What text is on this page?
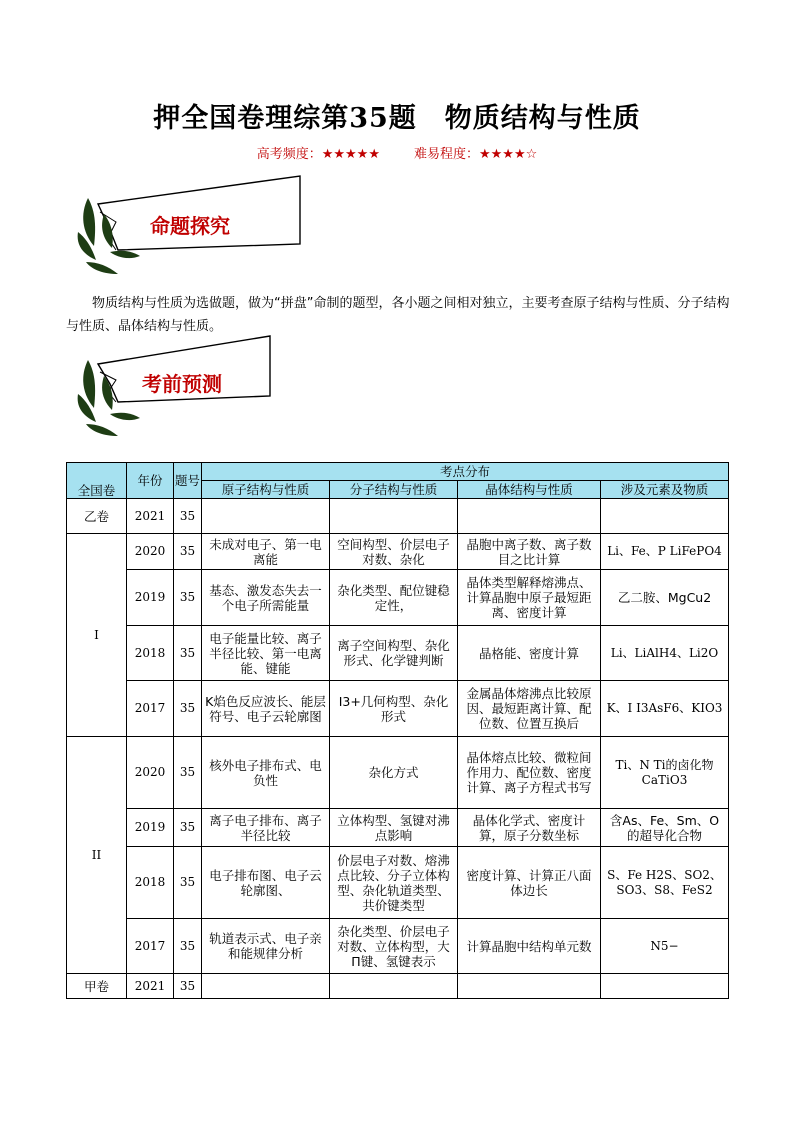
押全国卷理综第35题　物质结构与性质
高考频度：★★★★★	难易程度：★★★★☆
命题探究
物质结构与性质为选做题，做为“拼盘”命制的题型，各小题之间相对独立，主要考查原子结构与性质、分子结构与性质、晶体结构与性质。
考前预测
全国卷	年份	题号	考点分布			
			原子结构与性质	分子结构与性质	晶体结构与性质	涉及元素及物质
乙卷	2021	35				
I	2020	35	未成对电子、第一电离能	空间构型、价层电子对数、杂化	晶胞中离子数、离子数目之比计算	Li、Fe、P LiFePO4
	2019	35	基态、激发态失去一个电子所需能量	杂化类型、配位键稳定性，	晶体类型解释熔沸点、计算晶胞中原子最短距离、密度计算	乙二胺、MgCu2
	2018	35	电子能量比较、离子半径比较、第一电离能、键能	离子空间构型、杂化形式、化学键判断	晶格能、密度计算	Li、LiAlH4、Li2O
	2017	35	K焰色反应波长、能层符号、电子云轮廓图	I3+几何构型、杂化形式	金属晶体熔沸点比较原因、最短距离计算、配位数、位置互换后	K、I I3AsF6、KIO3
II	2020	35	核外电子排布式、电负性	杂化方式	晶体熔点比较、微粒间作用力、配位数、密度计算、离子方程式书写	Ti、N Ti的卤化物 CaTiO3
	2019	35	离子电子排布、离子半径比较	立体构型、氢键对沸点影响	晶体化学式、密度计算，原子分数坐标	含As、Fe、Sm、O的超导化合物
	2018	35	电子排布图、电子云轮廓图、	价层电子对数、熔沸点比较、分子立体构型、杂化轨道类型、共价键类型	密度计算、计算正八面体边长	S、Fe H2S、SO2、SO3、S8、FeS2
	2017	35	轨道表示式、电子亲和能规律分析	杂化类型、价层电子对数、立体构型，大Π键、氢键表示	计算晶胞中结构单元数	N5−
甲卷	2021	35				
